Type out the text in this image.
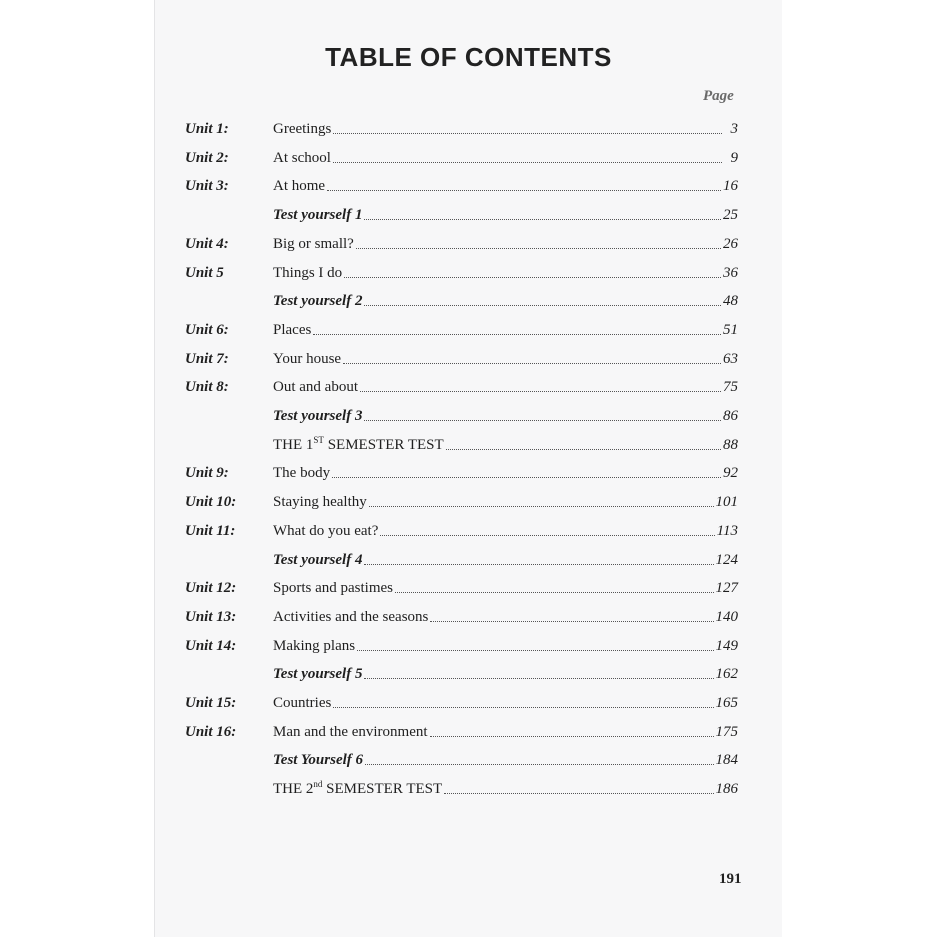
TABLE OF CONTENTS
Page
Unit 1:	Greetings	3
Unit 2:	At school	9
Unit 3:	At home	16
Test yourself 1	25
Unit 4:	Big or small?	26
Unit 5	Things I do	36
Test yourself 2	48
Unit 6:	Places	51
Unit 7:	Your house	63
Unit 8:	Out and about	75
Test yourself 3	86
THE 1ST SEMESTER TEST	88
Unit 9:	The body	92
Unit 10: Staying healthy	101
Unit 11:	What do you eat?	113
Test yourself 4	124
Unit 12: Sports and pastimes	127
Unit 13: Activities and the seasons	140
Unit 14: Making plans	149
Test yourself 5	162
Unit 15: Countries	165
Unit 16: Man and the environment	175
Test Yourself 6	184
THE 2nd SEMESTER TEST	186
191
